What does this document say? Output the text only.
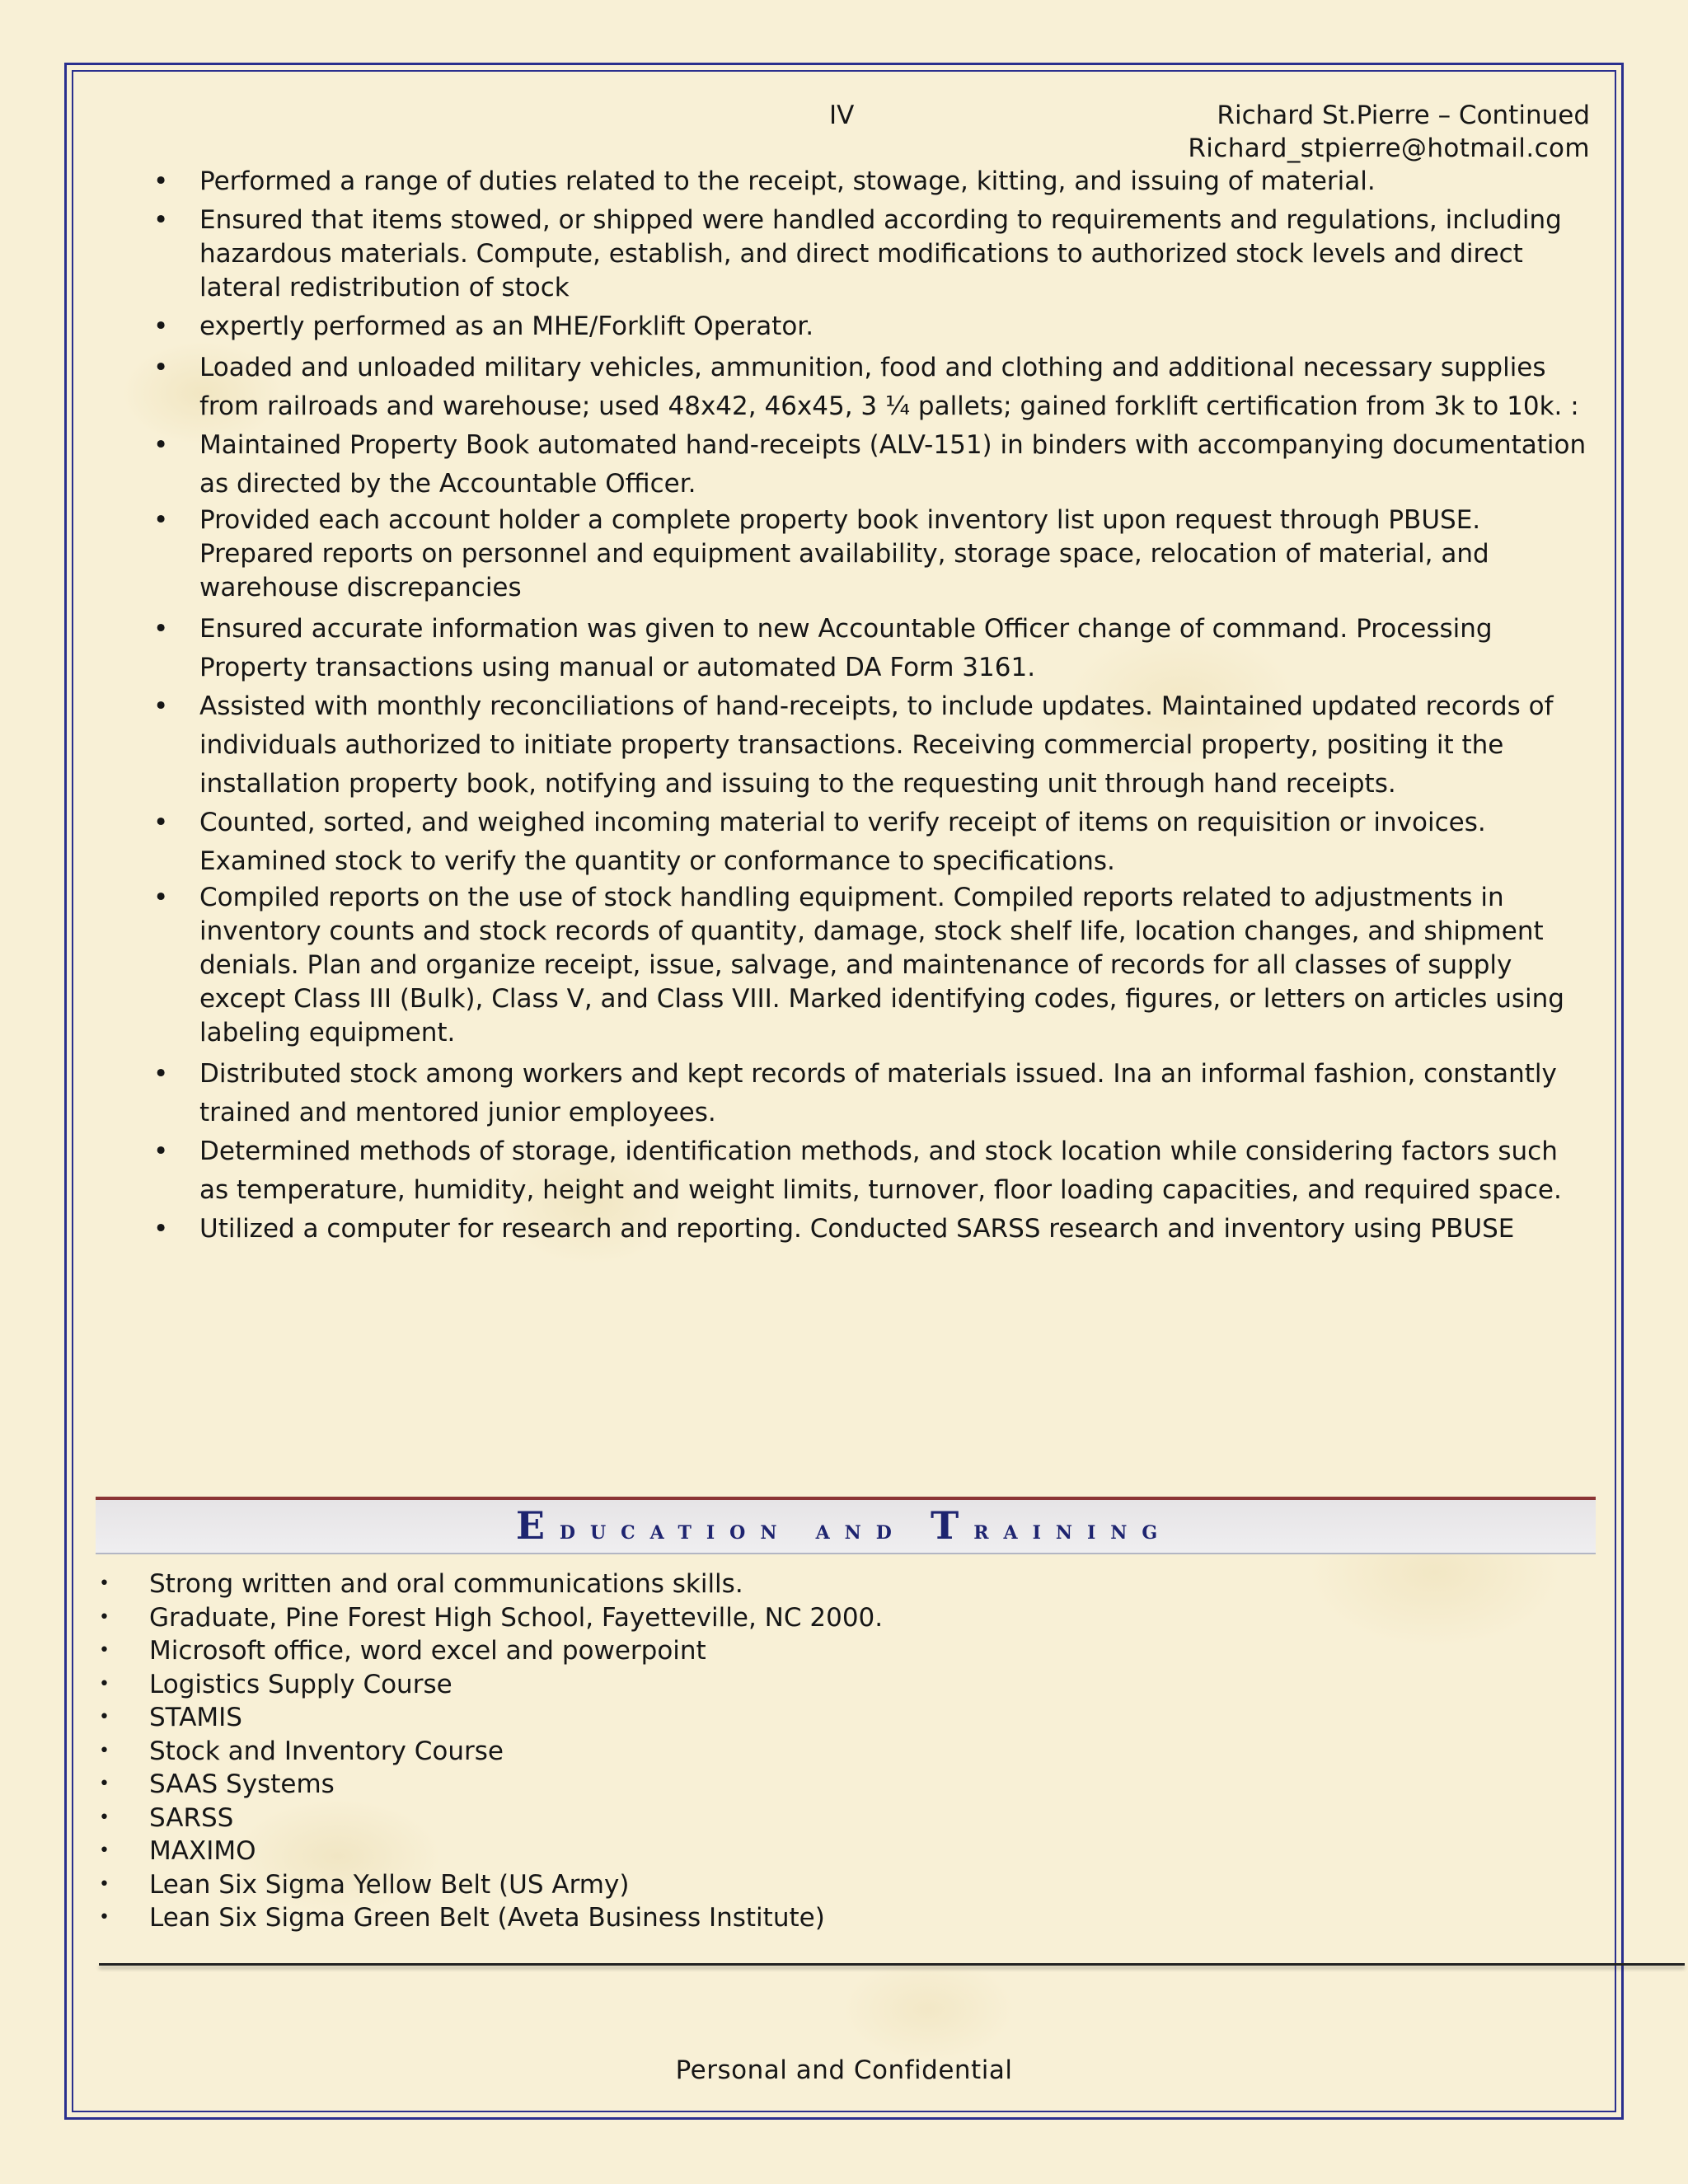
IV	Richard St.Pierre – Continued
Richard_stpierre@hotmail.com
• Performed a range of duties related to the receipt, stowage, kitting, and issuing of material.
• Ensured that items stowed, or shipped were handled according to requirements and regulations, including hazardous materials. Compute, establish, and direct modifications to authorized stock levels and direct lateral redistribution of stock
• expertly performed as an MHE/Forklift Operator.
• Loaded and unloaded military vehicles, ammunition, food and clothing and additional necessary supplies from railroads and warehouse; used 48x42, 46x45, 3 ¼ pallets; gained forklift certification from 3k to 10k. :
• Maintained Property Book automated hand-receipts (ALV-151) in binders with accompanying documentation as directed by the Accountable Officer.
• Provided each account holder a complete property book inventory list upon request through PBUSE. Prepared reports on personnel and equipment availability, storage space, relocation of material, and warehouse discrepancies
• Ensured accurate information was given to new Accountable Officer change of command. Processing Property transactions using manual or automated DA Form 3161.
• Assisted with monthly reconciliations of hand-receipts, to include updates. Maintained updated records of individuals authorized to initiate property transactions. Receiving commercial property, positing it the installation property book, notifying and issuing to the requesting unit through hand receipts.
• Counted, sorted, and weighed incoming material to verify receipt of items on requisition or invoices. Examined stock to verify the quantity or conformance to specifications.
• Compiled reports on the use of stock handling equipment. Compiled reports related to adjustments in inventory counts and stock records of quantity, damage, stock shelf life, location changes, and shipment denials. Plan and organize receipt, issue, salvage, and maintenance of records for all classes of supply except Class III (Bulk), Class V, and Class VIII. Marked identifying codes, figures, or letters on articles using labeling equipment.
• Distributed stock among workers and kept records of materials issued. Ina an informal fashion, constantly trained and mentored junior employees.
• Determined methods of storage, identification methods, and stock location while considering factors such as temperature, humidity, height and weight limits, turnover, floor loading capacities, and required space.
• Utilized a computer for research and reporting. Conducted SARSS research and inventory using PBUSE
Education and Training
• Strong written and oral communications skills.
• Graduate, Pine Forest High School, Fayetteville, NC 2000.
• Microsoft office, word excel and powerpoint
• Logistics Supply Course
• STAMIS
• Stock and Inventory Course
• SAAS Systems
• SARSS
• MAXIMO
• Lean Six Sigma Yellow Belt (US Army)
• Lean Six Sigma Green Belt (Aveta Business Institute)
Personal and Confidential
